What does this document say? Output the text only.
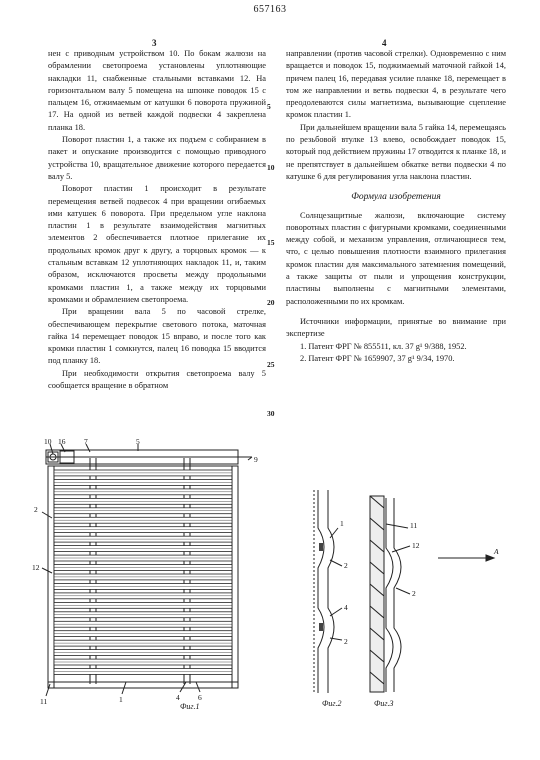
657163
3	4

нен с приводным устройством 10. По бокам жалюзи на обрамлении светопроема установлены уплотняющие накладки 11, снабженные стальными вставками 12. На горизонтальном валу 5 помещена на шпонке поводок 15 с пальцем 16, отжимаемым от катушки 6 поворота пружиной 17. На одной из ветвей каждой подвески 4 закреплена планка 18.

Поворот пластин 1, а также их подъем с собиранием в пакет и опускание производится с помощью приводного устройства 10, вращательное движение которого передается валу 5.

Поворот пластин 1 происходит в результате перемещения ветвей подвесок 4 при вращении огибаемых ими катушек 6 поворота. При предельном угле наклона пластин 1 в результате взаимодействия магнитных элементов 2 обеспечивается плотное прилегание их продольных кромок друг к другу, а торцовых кромок — к стальным вставкам 12 уплотняющих накладок 11, и, таким образом, исключаются просветы между продольными кромками пластин 1, а также между их торцовыми кромками и обрамлением светопроема.

При вращении вала 5 по часовой стрелке, обеспечивающем перекрытие светового потока, маточная гайка 14 перемещает поводок 15 вправо, и после того как кромки пластин 1 сомкнутся, палец 16 поводка 15 вводится под планку 18.

При необходимости открытия светопроема валу 5 сообщается вращение в обратном

направлении (против часовой стрелки). Одновременно с ним вращается и поводок 15, поджимаемый маточной гайкой 14, причем палец 16, передавая усилие планке 18, перемещает в том же направлении и ветвь подвески 4, в результате чего преодолеваются силы магнетизма, вызывающие сцепление кромок пластин 1.

При дальнейшем вращении вала 5 гайка 14, перемещаясь по резьбовой втулке 13 влево, освобождает поводок 15, который под действием пружины 17 отводится к планке 18, и не препятствует в дальнейшем обкатке ветви подвески 4 по катушке 6 для регулирования угла наклона пластин.

Формула изобретения

Солнцезащитные жалюзи, включающие систему поворотных пластин с фигурными кромками, соединенными между собой, и механизм управления, отличающиеся тем, что, с целью повышения плотности взаимного прилегания кромок пластин для максимального затемнения помещений, а также защиты от пыли и упрощения конструкции, пластины выполнены с магнитными элементами, расположенными по их кромкам.

Источники информации, принятые во внимание при экспертизе

1. Патент ФРГ № 855511, кл. 37 g¹ 9/388, 1952.

2. Патент ФРГ № 1659907, 37 g¹ 9/34, 1970.

5
10
15
20
25
30
10 16 7	5
9
2
12
11	1	4 6
Фиг.1
1
2
4
2
Фиг.2
11
12
2
А
Фиг.3
